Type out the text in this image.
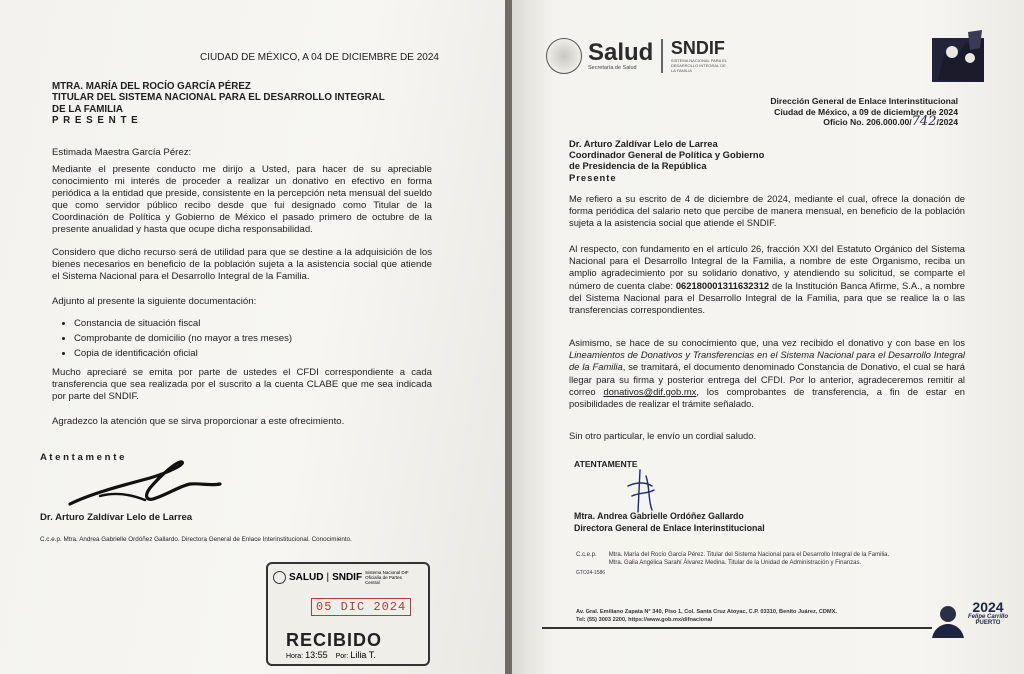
CIUDAD DE MÉXICO, A 04 DE DICIEMBRE DE 2024
MTRA. MARÍA DEL ROCÍO GARCÍA PÉREZ
TITULAR DEL SISTEMA NACIONAL PARA EL DESARROLLO INTEGRAL
DE LA FAMILIA
P R E S E N T E
Estimada Maestra García Pérez:
Mediante el presente conducto me dirijo a Usted, para hacer de su apreciable conocimiento mi interés de proceder a realizar un donativo en efectivo en forma periódica a la entidad que preside, consistente en la percepción neta mensual del sueldo que como servidor público recibo desde que fui designado como Titular de la Coordinación de Política y Gobierno de México el pasado primero de octubre de la presente anualidad y hasta que ocupe dicha responsabilidad.
Considero que dicho recurso será de utilidad para que se destine a la adquisición de los bienes necesarios en beneficio de la población sujeta a la asistencia social que atiende el Sistema Nacional para el Desarrollo Integral de la Familia.
Adjunto al presente la siguiente documentación:
• Constancia de situación fiscal
• Comprobante de domicilio (no mayor a tres meses)
• Copia de identificación oficial
Mucho apreciaré se emita por parte de ustedes el CFDI correspondiente a cada transferencia que sea realizada por el suscrito a la cuenta CLABE que me sea indicada por parte del SNDIF.
Agradezco la atención que se sirva proporcionar a este ofrecimiento.
A t e n t a m e n t e
Dr. Arturo Zaldívar Lelo de Larrea
C.c.e.p. Mtra. Andrea Gabrielle Ordóñez Gallardo. Directora General de Enlace Interinstitucional. Conocimiento.
SALUD | SNDIF Sistema Nacional DIF Oficialía de Partes Central
05 DIC 2024
RECIBIDO
Hora: 13:55 Por: Lilia T.
Salud
Secretaría de Salud
SNDIF
SISTEMA NACIONAL PARA EL DESARROLLO INTEGRAL DE LA FAMILIA
Dirección General de Enlace Interinstitucional
Ciudad de México, a 09 de diciembre de 2024
Oficio No. 206.000.00/742/2024
Dr. Arturo Zaldívar Lelo de Larrea
Coordinador General de Política y Gobierno
de Presidencia de la República
Presente
Me refiero a su escrito de 4 de diciembre de 2024, mediante el cual, ofrece la donación de forma periódica del salario neto que percibe de manera mensual, en beneficio de la población sujeta a la asistencia social que atiende el SNDIF.
Al respecto, con fundamento en el artículo 26, fracción XXI del Estatuto Orgánico del Sistema Nacional para el Desarrollo Integral de la Familia, a nombre de este Organismo, reciba un amplio agradecimiento por su solidario donativo, y atendiendo su solicitud, se comparte el número de cuenta clabe: 062180001311632312 de la Institución Banca Afirme, S.A., a nombre del Sistema Nacional para el Desarrollo Integral de la Familia, para que se realice la o las transferencias correspondientes.
Asimismo, se hace de su conocimiento que, una vez recibido el donativo y con base en los Lineamientos de Donativos y Transferencias en el Sistema Nacional para el Desarrollo Integral de la Familia, se tramitará, el documento denominado Constancia de Donativo, el cual se hará llegar para su firma y posterior entrega del CFDI. Por lo anterior, agradeceremos remitir al correo donativos@dif.gob.mx, los comprobantes de transferencia, a fin de estar en posibilidades de realizar el trámite señalado.
Sin otro particular, le envío un cordial saludo.
ATENTAMENTE
Mtra. Andrea Gabrielle Ordóñez Gallardo
Directora General de Enlace Interinstitucional
C.c.e.p. Mtra. María del Rocío García Pérez. Titular del Sistema Nacional para el Desarrollo Integral de la Familia.
Mtra. Galia Angélica Sarahí Álvarez Medina. Titular de la Unidad de Administración y Finanzas.
GTO24-1586
Av. Gral. Emiliano Zapata N° 340, Piso 1, Col. Santa Cruz Atoyac, C.P. 03310, Benito Juárez, CDMX.
Tel: (55) 3003 2200, https://www.gob.mx/difnacional
2024
Felipe Carrillo
PUERTO
